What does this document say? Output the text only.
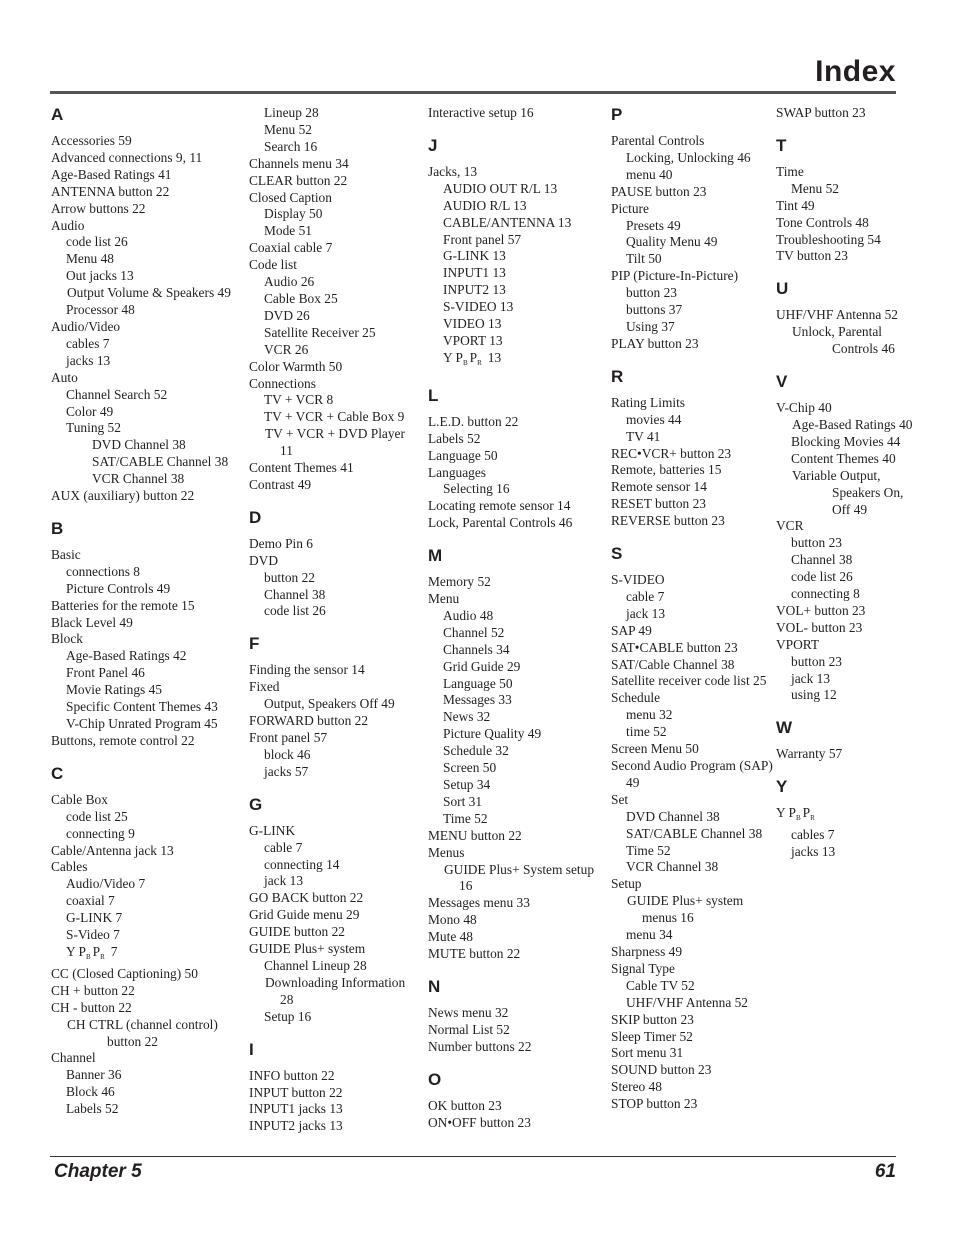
Index
A
Accessories 59
Advanced connections 9, 11
Age-Based Ratings 41
ANTENNA button 22
Arrow buttons 22
Audio
code list 26
Menu 48
Out jacks 13
Output Volume & Speakers 49
Processor 48
Audio/Video
cables 7
jacks 13
Auto
Channel Search 52
Color 49
Tuning 52
DVD Channel 38
SAT/CABLE Channel 38
VCR Channel 38
AUX (auxiliary) button 22
B
Basic
connections 8
Picture Controls 49
Batteries for the remote 15
Black Level 49
Block
Age-Based Ratings 42
Front Panel 46
Movie Ratings 45
Specific Content Themes 43
V-Chip Unrated Program 45
Buttons, remote control 22
C
Cable Box
code list 25
connecting 9
Cable/Antenna jack 13
Cables
Audio/Video 7
coaxial 7
G-LINK 7
S-Video 7
Y $P_B$ $P_R$ 7
CC (Closed Captioning) 50
CH + button 22
CH - button 22
CH CTRL (channel control) button 22
Channel
Banner 36
Block 46
Labels 52
Lineup 28
Menu 52
Search 16
Channels menu 34
CLEAR button 22
Closed Caption
Display 50
Mode 51
Coaxial cable 7
Code list
Audio 26
Cable Box 25
DVD 26
Satellite Receiver 25
VCR 26
Color Warmth 50
Connections
TV + VCR 8
TV + VCR + Cable Box 9
TV + VCR + DVD Player 11
Content Themes 41
Contrast 49
D
Demo Pin 6
DVD
button 22
Channel 38
code list 26
F
Finding the sensor 14
Fixed
Output, Speakers Off 49
FORWARD button 22
Front panel 57
block 46
jacks 57
G
G-LINK
cable 7
connecting 14
jack 13
GO BACK button 22
Grid Guide menu 29
GUIDE button 22
GUIDE Plus+ system
Channel Lineup 28
Downloading Information 28
Setup 16
I
INFO button 22
INPUT button 22
INPUT1 jacks 13
INPUT2 jacks 13
Interactive setup 16
J
Jacks, 13
AUDIO OUT R/L 13
AUDIO R/L 13
CABLE/ANTENNA 13
Front panel 57
G-LINK 13
INPUT1 13
INPUT2 13
S-VIDEO 13
VIDEO 13
VPORT 13
Y $P_B$ $P_R$ 13
L
L.E.D. button 22
Labels 52
Language 50
Languages
Selecting 16
Locating remote sensor 14
Lock, Parental Controls 46
M
Memory 52
Menu
Audio 48
Channel 52
Channels 34
Grid Guide 29
Language 50
Messages 33
News 32
Picture Quality 49
Schedule 32
Screen 50
Setup 34
Sort 31
Time 52
MENU button 22
Menus
GUIDE Plus+ System setup 16
Messages menu 33
Mono 48
Mute 48
MUTE button 22
N
News menu 32
Normal List 52
Number buttons 22
O
OK button 23
ON•OFF button 23
P
Parental Controls
Locking, Unlocking 46
menu 40
PAUSE button 23
Picture
Presets 49
Quality Menu 49
Tilt 50
PIP (Picture-In-Picture)
button 23
buttons 37
Using 37
PLAY button 23
R
Rating Limits
movies 44
TV 41
REC•VCR+ button 23
Remote, batteries 15
Remote sensor 14
RESET button 23
REVERSE button 23
S
S-VIDEO
cable 7
jack 13
SAP 49
SAT•CABLE button 23
SAT/Cable Channel 38
Satellite receiver code list 25
Schedule
menu 32
time 52
Screen Menu 50
Second Audio Program (SAP) 49
Set
DVD Channel 38
SAT/CABLE Channel 38
Time 52
VCR Channel 38
Setup
GUIDE Plus+ system menus 16
menu 34
Sharpness 49
Signal Type
Cable TV 52
UHF/VHF Antenna 52
SKIP button 23
Sleep Timer 52
Sort menu 31
SOUND button 23
Stereo 48
STOP button 23
SWAP button 23
T
Time
Menu 52
Tint 49
Tone Controls 48
Troubleshooting 54
TV button 23
U
UHF/VHF Antenna 52
Unlock, Parental Controls 46
V
V-Chip 40
Age-Based Ratings 40
Blocking Movies 44
Content Themes 40
Variable Output, Speakers On, Off 49
VCR
button 23
Channel 38
code list 26
connecting 8
VOL+ button 23
VOL- button 23
VPORT
button 23
jack 13
using 12
W
Warranty 57
Y
Y $P_B$ $P_R$
cables 7
jacks 13
Chapter 5	61
